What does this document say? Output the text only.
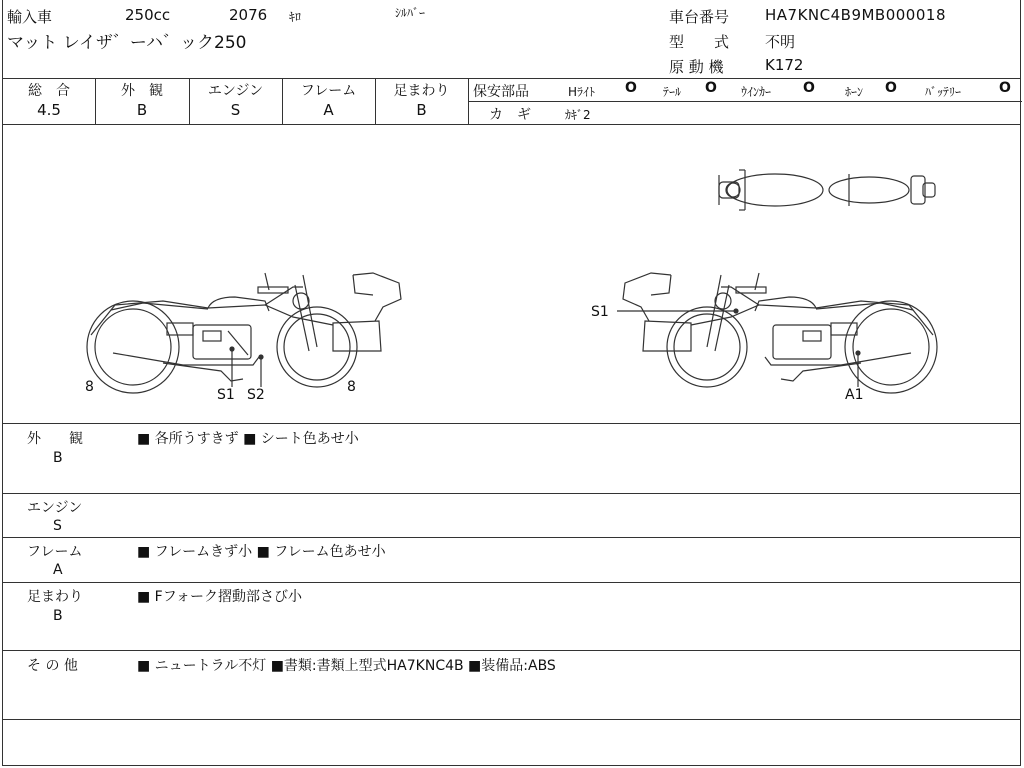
輸入車	250cc	2076 ｷﾛ	ｼﾙﾊﾞｰ
マット レイザ゛ーハ゛ック250
車台番号 HA7KNC4B9MB000018
型　　式 不明
原 動 機	K172
総　合
4.5
外　観
B
エンジン
S
フレーム
A
足まわり
B
保安部品	Hﾗｲﾄ O ﾃｰﾙ O ｳｲﾝｶｰ O	ﾎｰﾝ O ﾊﾞｯﾃﾘｰ	O
カ　ギ	ｶｷﾞ2
8	S1 S2	8
S1
A1
外　　観
B
■ 各所うすきず ■ シート色あせ小
エンジン
S
フレーム
A
■ フレームきず小 ■ フレーム色あせ小
足まわり
B
■ Fフォーク摺動部さび小
そ の 他	■ ニュートラル不灯 ■書類:書類上型式HA7KNC4B ■装備品:ABS
